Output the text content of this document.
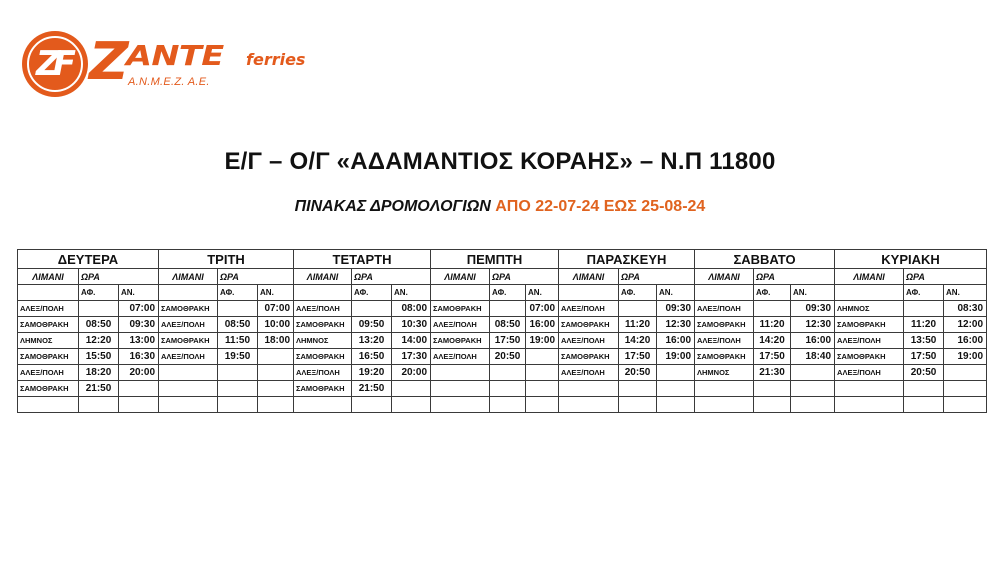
ZF Z
ANTE ferries
A.N.M.E.Z. A.E.
Ε/Γ – Ο/Γ «ΑΔΑΜΑΝΤΙΟΣ ΚΟΡΑΗΣ» – Ν.Π 11800
ΠΙΝΑΚΑΣ ΔΡΟΜΟΛΟΓΙΩΝ ΑΠΟ 22-07-24 ΕΩΣ 25-08-24
ΔΕΥΤΕΡΑ			ΤΡΙΤΗ			ΤΕΤΑΡΤΗ			ΠΕΜΠΤΗ			ΠΑΡΑΣΚΕΥΗ			ΣΑΒΒΑΤΟ			ΚΥΡΙΑΚΗ		
ΛΙΜΑΝΙ	ΩΡΑ		ΛΙΜΑΝΙ	ΩΡΑ		ΛΙΜΑΝΙ	ΩΡΑ		ΛΙΜΑΝΙ	ΩΡΑ		ΛΙΜΑΝΙ	ΩΡΑ		ΛΙΜΑΝΙ	ΩΡΑ		ΛΙΜΑΝΙ	ΩΡΑ	
	ΑΦ.	ΑΝ.		ΑΦ.	ΑΝ.		ΑΦ.	ΑΝ.		ΑΦ.	ΑΝ.		ΑΦ.	ΑΝ.		ΑΦ.	ΑΝ.		ΑΦ.	ΑΝ.
ΑΛΕΞ/ΠΟΛΗ		07:00	ΣΑΜΟΘΡΑΚΗ		07:00	ΑΛΕΞ/ΠΟΛΗ		08:00	ΣΑΜΟΘΡΑΚΗ		07:00	ΑΛΕΞ/ΠΟΛΗ		09:30	ΑΛΕΞ/ΠΟΛΗ		09:30	ΛΗΜΝΟΣ		08:30
ΣΑΜΟΘΡΑΚΗ	08:50	09:30	ΑΛΕΞ/ΠΟΛΗ	08:50	10:00	ΣΑΜΟΘΡΑΚΗ	09:50	10:30	ΑΛΕΞ/ΠΟΛΗ	08:50	16:00	ΣΑΜΟΘΡΑΚΗ	11:20	12:30	ΣΑΜΟΘΡΑΚΗ	11:20	12:30	ΣΑΜΟΘΡΑΚΗ	11:20	12:00
ΛΗΜΝΟΣ	12:20	13:00	ΣΑΜΟΘΡΑΚΗ	11:50	18:00	ΛΗΜΝΟΣ	13:20	14:00	ΣΑΜΟΘΡΑΚΗ	17:50	19:00	ΑΛΕΞ/ΠΟΛΗ	14:20	16:00	ΑΛΕΞ/ΠΟΛΗ	14:20	16:00	ΑΛΕΞ/ΠΟΛΗ	13:50	16:00
ΣΑΜΟΘΡΑΚΗ	15:50	16:30	ΑΛΕΞ/ΠΟΛΗ	19:50		ΣΑΜΟΘΡΑΚΗ	16:50	17:30	ΑΛΕΞ/ΠΟΛΗ	20:50		ΣΑΜΟΘΡΑΚΗ	17:50	19:00	ΣΑΜΟΘΡΑΚΗ	17:50	18:40	ΣΑΜΟΘΡΑΚΗ	17:50	19:00
ΑΛΕΞ/ΠΟΛΗ	18:20	20:00				ΑΛΕΞ/ΠΟΛΗ	19:20	20:00				ΑΛΕΞ/ΠΟΛΗ	20:50		ΛΗΜΝΟΣ	21:30		ΑΛΕΞ/ΠΟΛΗ	20:50	
ΣΑΜΟΘΡΑΚΗ	21:50					ΣΑΜΟΘΡΑΚΗ	21:50													
